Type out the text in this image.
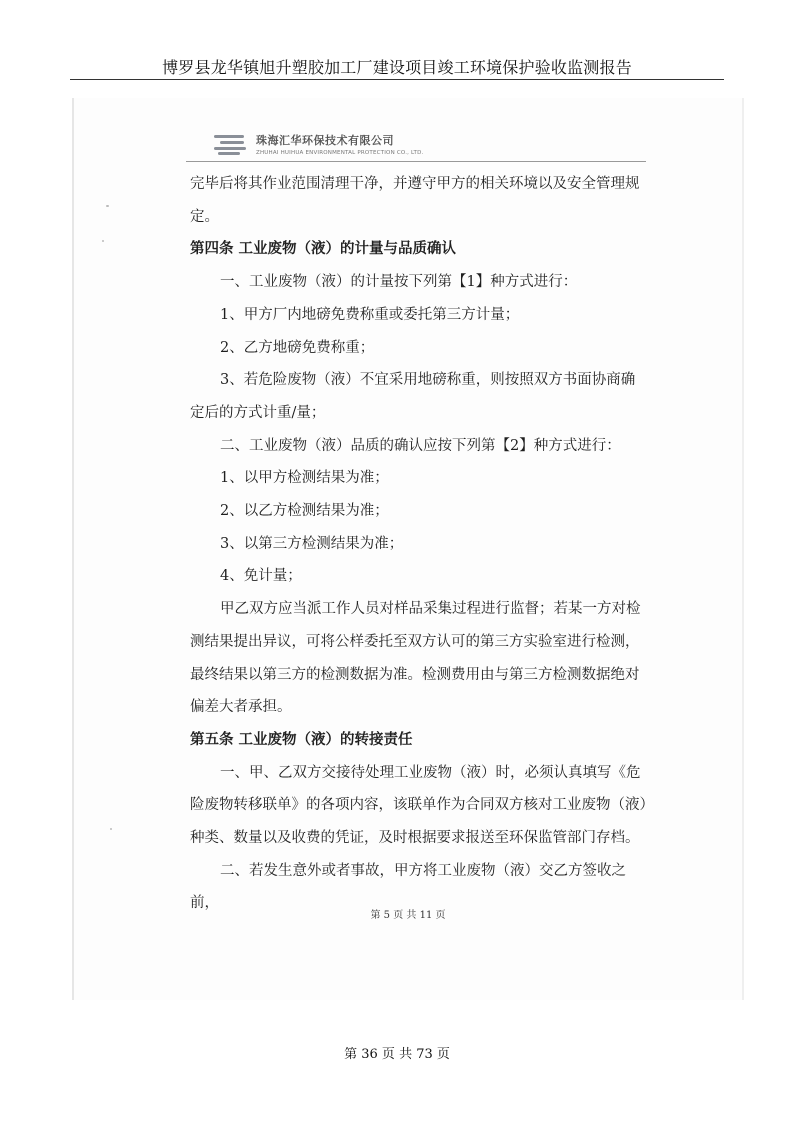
博罗县龙华镇旭升塑胶加工厂建设项目竣工环境保护验收监测报告
珠海汇华环保技术有限公司
ZHUHAI HUIHUA ENVIRONMENTAL PROTECTION CO., LTD.

完毕后将其作业范围清理干净，并遵守甲方的相关环境以及安全管理规

定。

第四条 工业废物（液）的计量与品质确认

一、工业废物（液）的计量按下列第【1】种方式进行：

1、甲方厂内地磅免费称重或委托第三方计量；

2、乙方地磅免费称重；

3、若危险废物（液）不宜采用地磅称重，则按照双方书面协商确

定后的方式计重/量；

二、工业废物（液）品质的确认应按下列第【2】种方式进行：

1、以甲方检测结果为准；

2、以乙方检测结果为准；

3、以第三方检测结果为准；

4、免计量；

甲乙双方应当派工作人员对样品采集过程进行监督；若某一方对检

测结果提出异议，可将公样委托至双方认可的第三方实验室进行检测，

最终结果以第三方的检测数据为准。检测费用由与第三方检测数据绝对

偏差大者承担。

第五条 工业废物（液）的转接责任

一、甲、乙双方交接待处理工业废物（液）时，必须认真填写《危

险废物转移联单》的各项内容，该联单作为合同双方核对工业废物（液）

种类、数量以及收费的凭证，及时根据要求报送至环保监管部门存档。

二、若发生意外或者事故，甲方将工业废物（液）交乙方签收之前，

第 5 页 共 11 页
第 36 页 共 73 页
